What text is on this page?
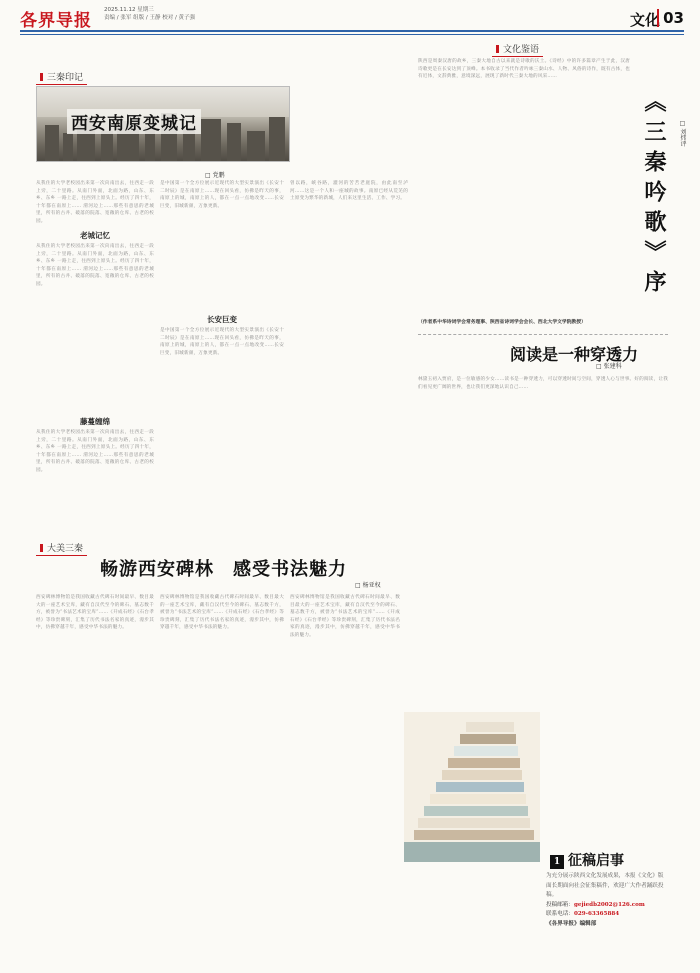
各界导报
2025.11.12 星期三
责编 / 张军 组版 / 王静 校对 / 黄子强	文化 03
三秦印记
西安南原变城记
□ 党鹏
从我住的大学老校园出来第一次向南出去，往西走一段上旁，二十里路。从南门外面，北面为路，山东、东乡、东乡 一路上走，往西到上原头上。经历了四十年，十年都在南原上…… 渭河边上……那些有意思的老城里，所有的古井、破落的院落、宽敞的仓库、古老的校园。
老城记忆
从我住的大学老校园出来第一次向南出去，往西走一段上旁，二十里路。从南门外面，北面为路，山东、东乡、东乡 一路上走，往西到上原头上。经历了四十年，十年都在南原上…… 渭河边上……那些有意思的老城里，所有的古井、破落的院落、宽敞的仓库、古老的校园。
藤蔓缠绵
从我住的大学老校园出来第一次向南出去，往西走一段上旁，二十里路。从南门外面，北面为路，山东、东乡、东乡 一路上走，往西到上原头上。经历了四十年，十年都在南原上…… 渭河边上……那些有意思的老城里，所有的古井、破落的院落、宽敞的仓库、古老的校园。
是中国第一个全方位展示近现代的大型实景演出《长安十二时辰》是在南原上……现在回头看，仿佛是昨天的事，南原上的城，南原上的人，都在一点一点地改变……长安巨变，旧城新颜，万象更新。
长安巨变
是中国第一个全方位展示近现代的大型实景演出《长安十二时辰》是在南原上……现在回头看，仿佛是昨天的事，南原上的城，南原上的人，都在一点一点地改变……长安巨变，旧城新颜，万象更新。
曾以路，峡谷路，灌河的苦苦老庭院，由此南至泸河……这是一个人和一座城的故事。南原已经从荒芜的土原变为繁华的新城，人们来这里生活、工作、学习。
文化鉴语
陕西是周秦汉唐的故乡，三秦大地自古以来就是诗歌的沃土。《诗经》中的许多篇章产生于此，汉唐诗歌更是在长安达到了顶峰。本书收录了当代作者吟咏三秦山水、人物、风俗的诗作，既有古体，也有近体，文辞典雅，意境深远，展现了新时代三秦大地的风采……
（作者系中华诗词学会常务理事、陕西省诗词学会会长、西北大学文学院教授）
《三秦吟歌》序	□ 刘炜评
阅读是一种穿透力
□ 张建科
林黛玉初入贾府，是一位敏感的少女……读书是一种穿透力，可以穿透时间与空间，穿透人心与世事。好的阅读，让我们看见更广阔的世界，也让我们更深地认识自己……
大美三秦
畅游西安碑林　感受书法魅力
□ 杨亚权
西安碑林博物馆是我国收藏古代碑石时间最早、数目最大的一座艺术宝库，藏有自汉代至今的碑石、墓志数千方，被誉为“书法艺术的宝库”……《开成石经》《石台孝经》等珍贵碑刻，汇集了历代书法名家的真迹，漫步其中，仿佛穿越千年，感受中华书法的魅力。
西安碑林博物馆是我国收藏古代碑石时间最早、数目最大的一座艺术宝库，藏有自汉代至今的碑石、墓志数千方，被誉为“书法艺术的宝库”……《开成石经》《石台孝经》等珍贵碑刻，汇集了历代书法名家的真迹，漫步其中，仿佛穿越千年，感受中华书法的魅力。
西安碑林博物馆是我国收藏古代碑石时间最早、数目最大的一座艺术宝库，藏有自汉代至今的碑石、墓志数千方，被誉为“书法艺术的宝库”……《开成石经》《石台孝经》等珍贵碑刻，汇集了历代书法名家的真迹，漫步其中，仿佛穿越千年，感受中华书法的魅力。
1 征稿启事
为充分展示陕西文化发展成果，本报《文化》版面长期面向社会征集稿件，欢迎广大作者踊跃投稿。
投稿邮箱：gejiedb2002@126.com
联系电话：029-63365884
《各界导报》编辑部
